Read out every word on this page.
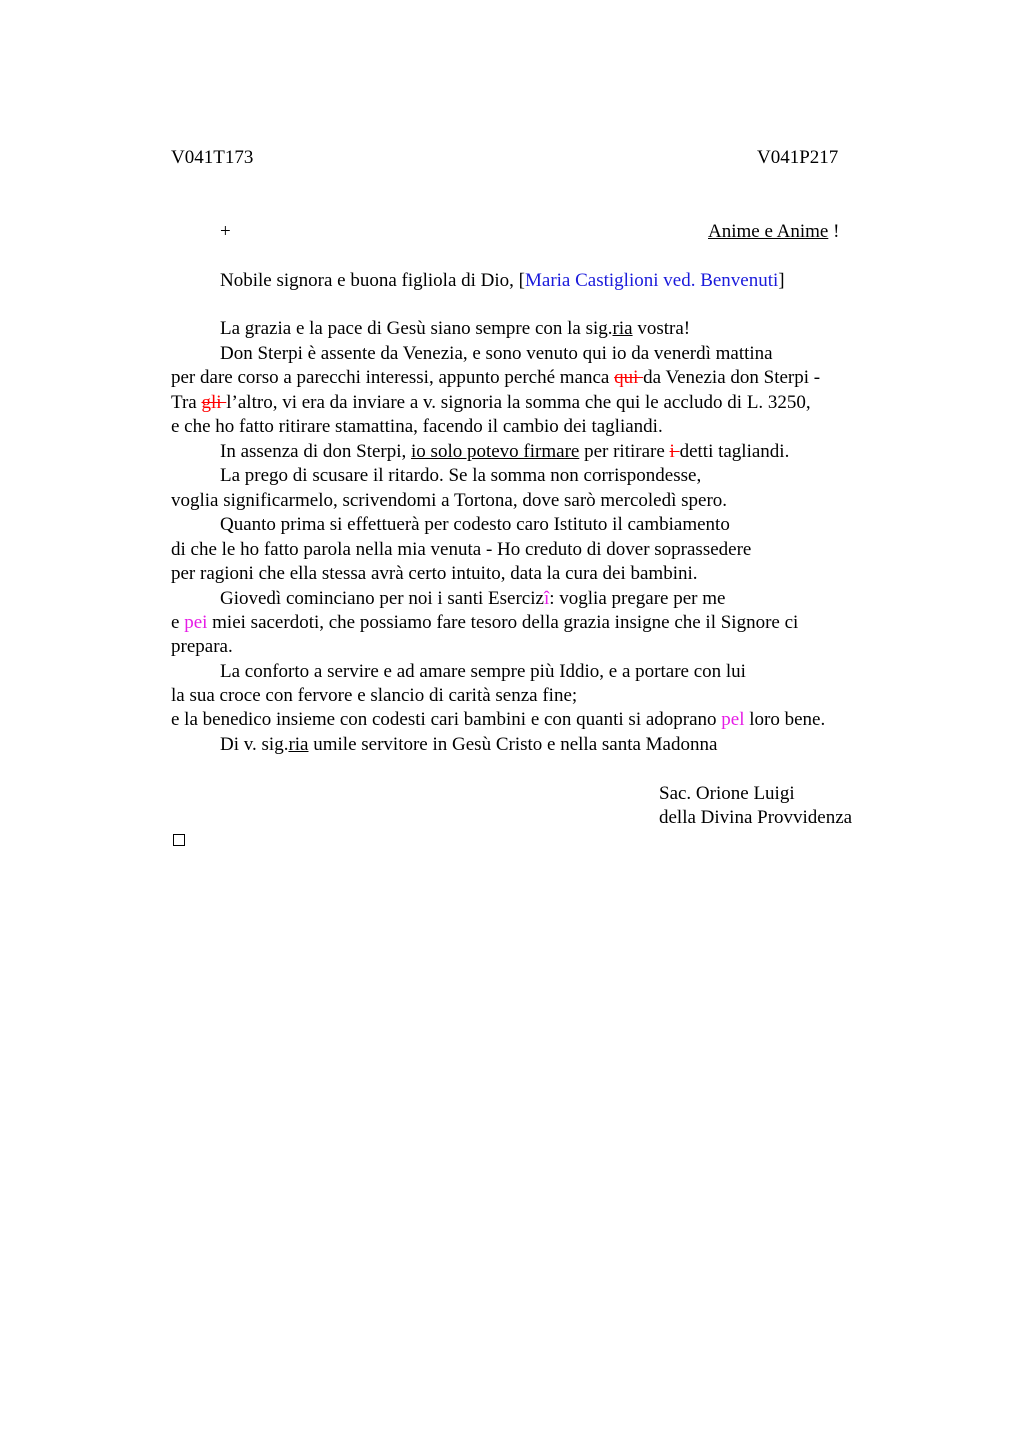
V041T173	V041P217
+	Anime e Anime !
Nobile signora e buona figliola di Dio, [Maria Castiglioni ved. Benvenuti]
La grazia e la pace di Gesù siano sempre con la sig.ria vostra!
Don Sterpi è assente da Venezia, e sono venuto qui io da venerdì mattina
per dare corso a parecchi interessi, appunto perché manca qui da Venezia don Sterpi -
Tra gli l’altro, vi era da inviare a v. signoria la somma che qui le accludo di L. 3250,
e che ho fatto ritirare stamattina, facendo il cambio dei tagliandi.
In assenza di don Sterpi, io solo potevo firmare per ritirare i detti tagliandi.
La prego di scusare il ritardo. Se la somma non corrispondesse,
voglia significarmelo, scrivendomi a Tortona, dove sarò mercoledì spero.
Quanto prima si effettuerà per codesto caro Istituto il cambiamento
di che le ho fatto parola nella mia venuta - Ho creduto di dover soprassedere
per ragioni che ella stessa avrà certo intuito, data la cura dei bambini.
Giovedì cominciano per noi i santi Esercizî: voglia pregare per me
e pei miei sacerdoti, che possiamo fare tesoro della grazia insigne che il Signore ci
prepara.
La conforto a servire e ad amare sempre più Iddio, e a portare con lui
la sua croce con fervore e slancio di carità senza fine;
e la benedico insieme con codesti cari bambini e con quanti si adoprano pel loro bene.
Di v. sig.ria umile servitore in Gesù Cristo e nella santa Madonna
Sac. Orione Luigi
della Divina Provvidenza
